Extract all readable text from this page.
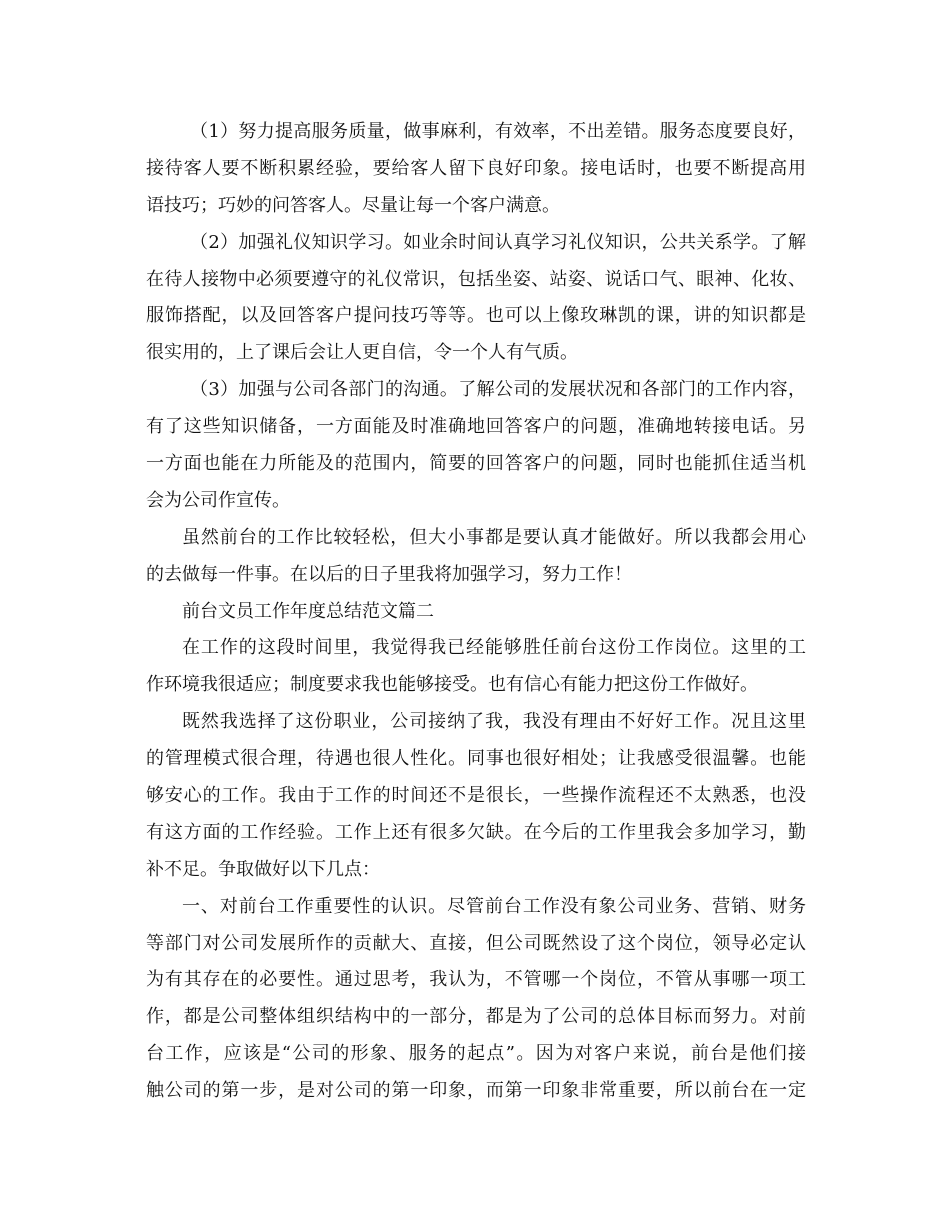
（1）努力提高服务质量，做事麻利，有效率，不出差错。服务态度要良好，
接待客人要不断积累经验，要给客人留下良好印象。接电话时，也要不断提高用
语技巧；巧妙的问答客人。尽量让每一个客户满意。
（2）加强礼仪知识学习。如业余时间认真学习礼仪知识，公共关系学。了解
在待人接物中必须要遵守的礼仪常识，包括坐姿、站姿、说话口气、眼神、化妆、
服饰搭配，以及回答客户提问技巧等等。也可以上像玫琳凯的课，讲的知识都是
很实用的，上了课后会让人更自信，令一个人有气质。
（3）加强与公司各部门的沟通。了解公司的发展状况和各部门的工作内容，
有了这些知识储备，一方面能及时准确地回答客户的问题，准确地转接电话。另
一方面也能在力所能及的范围内，简要的回答客户的问题，同时也能抓住适当机
会为公司作宣传。
虽然前台的工作比较轻松，但大小事都是要认真才能做好。所以我都会用心
的去做每一件事。在以后的日子里我将加强学习，努力工作！
前台文员工作年度总结范文篇二
在工作的这段时间里，我觉得我已经能够胜任前台这份工作岗位。这里的工
作环境我很适应；制度要求我也能够接受。也有信心有能力把这份工作做好。
既然我选择了这份职业，公司接纳了我，我没有理由不好好工作。况且这里
的管理模式很合理，待遇也很人性化。同事也很好相处；让我感受很温馨。也能
够安心的工作。我由于工作的时间还不是很长，一些操作流程还不太熟悉，也没
有这方面的工作经验。工作上还有很多欠缺。在今后的工作里我会多加学习，勤
补不足。争取做好以下几点：
一、对前台工作重要性的认识。尽管前台工作没有象公司业务、营销、财务
等部门对公司发展所作的贡献大、直接，但公司既然设了这个岗位，领导必定认
为有其存在的必要性。通过思考，我认为，不管哪一个岗位，不管从事哪一项工
作，都是公司整体组织结构中的一部分，都是为了公司的总体目标而努力。对前
台工作，应该是“公司的形象、服务的起点”。因为对客户来说，前台是他们接
触公司的第一步，是对公司的第一印象，而第一印象非常重要，所以前台在一定
